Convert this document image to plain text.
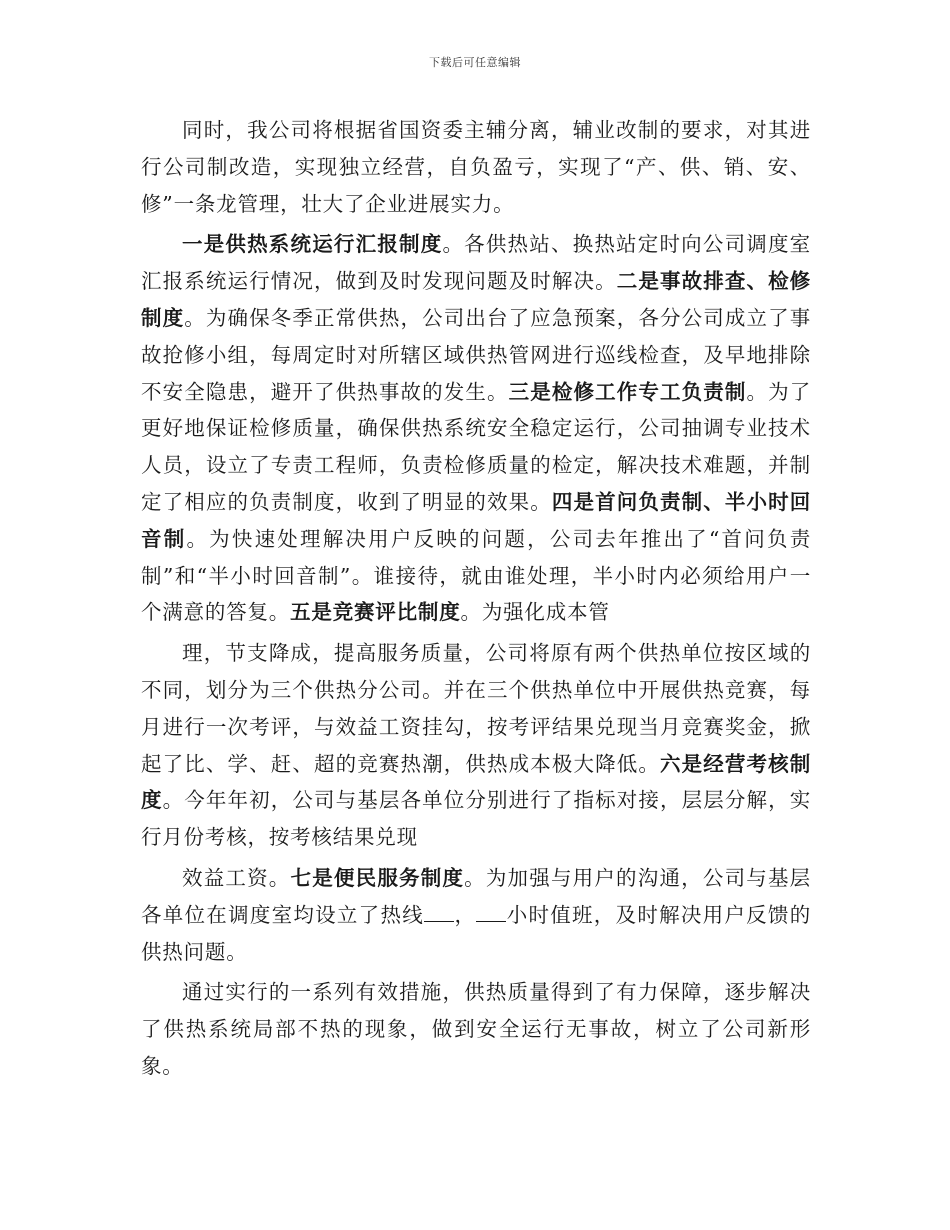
下载后可任意编辑

同时，我公司将根据省国资委主辅分离，辅业改制的要求，对其进行公司制改造，实现独立经营，自负盈亏，实现了“产、供、销、安、修”一条龙管理，壮大了企业进展实力。

一是供热系统运行汇报制度。各供热站、换热站定时向公司调度室汇报系统运行情况，做到及时发现问题及时解决。二是事故排查、检修制度。为确保冬季正常供热，公司出台了应急预案，各分公司成立了事故抢修小组，每周定时对所辖区域供热管网进行巡线检查，及早地排除不安全隐患，避开了供热事故的发生。三是检修工作专工负责制。为了更好地保证检修质量，确保供热系统安全稳定运行，公司抽调专业技术人员，设立了专责工程师，负责检修质量的检定，解决技术难题，并制定了相应的负责制度，收到了明显的效果。四是首问负责制、半小时回音制。为快速处理解决用户反映的问题，公司去年推出了“首问负责制”和“半小时回音制”。谁接待，就由谁处理，半小时内必须给用户一个满意的答复。五是竞赛评比制度。为强化成本管

理，节支降成，提高服务质量，公司将原有两个供热单位按区域的不同，划分为三个供热分公司。并在三个供热单位中开展供热竞赛，每月进行一次考评，与效益工资挂勾，按考评结果兑现当月竞赛奖金，掀起了比、学、赶、超的竞赛热潮，供热成本极大降低。六是经营考核制度。今年年初，公司与基层各单位分别进行了指标对接，层层分解，实行月份考核，按考核结果兑现

效益工资。七是便民服务制度。为加强与用户的沟通，公司与基层各单位在调度室均设立了热线 ， 小时值班，及时解决用户反馈的供热问题。

通过实行的一系列有效措施，供热质量得到了有力保障，逐步解决了供热系统局部不热的现象，做到安全运行无事故，树立了公司新形象。
